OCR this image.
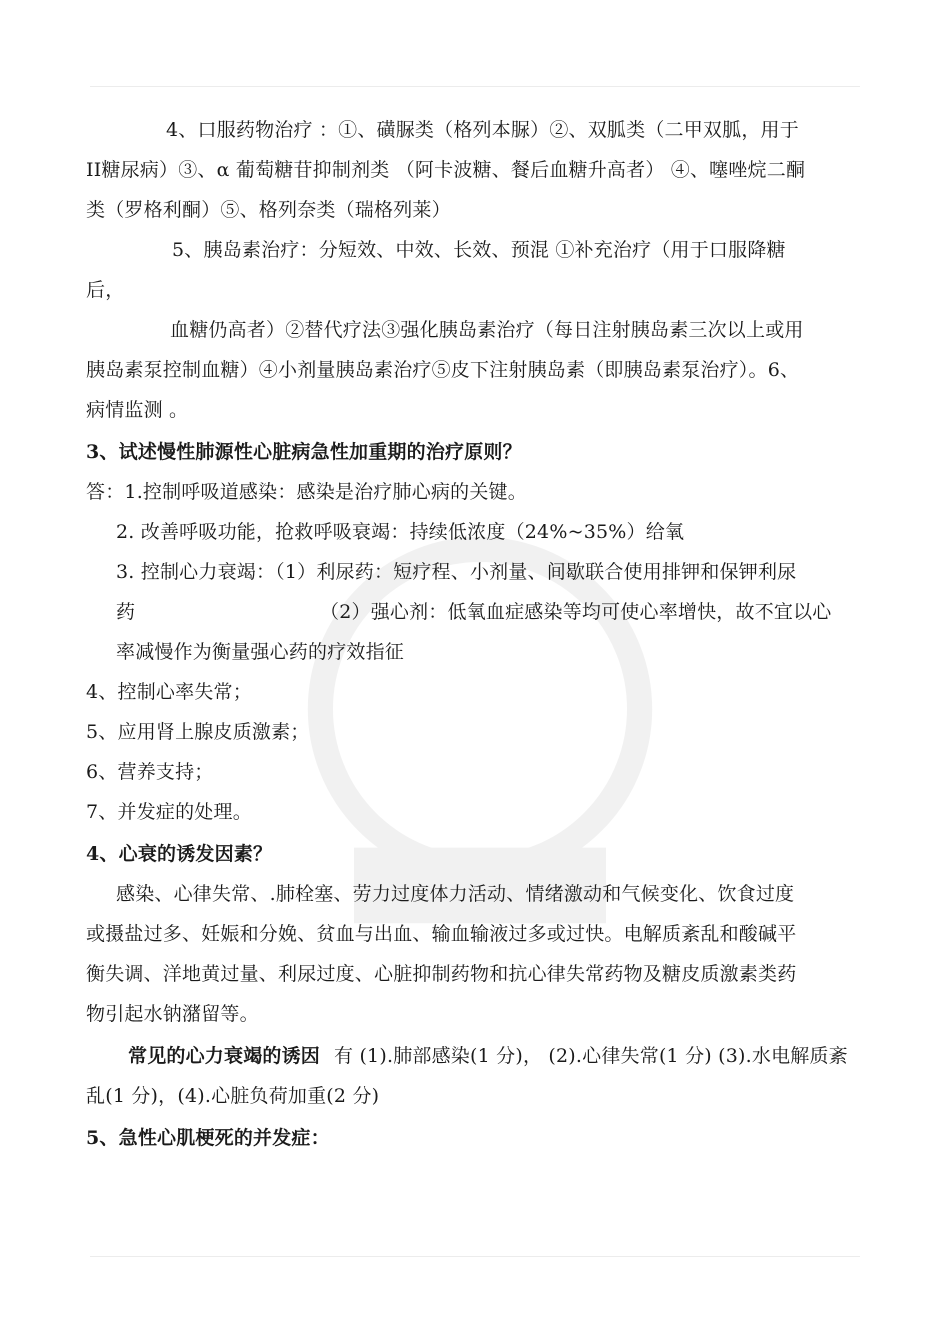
4、口服药物治疗 ：①、磺脲类（格列本脲）②、双胍类（二甲双胍，用于
II糖尿病）③、α 葡萄糖苷抑制剂类 （阿卡波糖、餐后血糖升高者） ④、噻唑烷二酮
类（罗格利酮）⑤、格列奈类（瑞格列莱）
5、胰岛素治疗：分短效、中效、长效、预混 ①补充治疗（用于口服降糖
后，
血糖仍高者）②替代疗法③强化胰岛素治疗（每日注射胰岛素三次以上或用
胰岛素泵控制血糖）④小剂量胰岛素治疗⑤皮下注射胰岛素（即胰岛素泵治疗）。6、
病情监测 。
3、试述慢性肺源性心脏病急性加重期的治疗原则？
答：1.控制呼吸道感染：感染是治疗肺心病的关键。
2. 改善呼吸功能，抢救呼吸衰竭：持续低浓度（24%~35%）给氧
3. 控制心力衰竭：（1）利尿药：短疗程、小剂量、间歇联合使用排钾和保钾利尿
药	（2）强心剂：低氧血症感染等均可使心率增快，故不宜以心
率减慢作为衡量强心药的疗效指征
4、控制心率失常；
5、应用肾上腺皮质激素；
6、营养支持；
7、并发症的处理。
4、心衰的诱发因素？
感染、心律失常、.肺栓塞、劳力过度体力活动、情绪激动和气候变化、饮食过度
或摄盐过多、妊娠和分娩、贫血与出血、输血输液过多或过快。电解质紊乱和酸碱平
衡失调、洋地黄过量、利尿过度、心脏抑制药物和抗心律失常药物及糖皮质激素类药
物引起水钠潴留等。
常见的心力衰竭的诱因 有 (1).肺部感染(1 分)， (2).心律失常(1 分) (3).水电解质紊
乱(1 分)，(4).心脏负荷加重(2 分)
5、急性心肌梗死的并发症：
